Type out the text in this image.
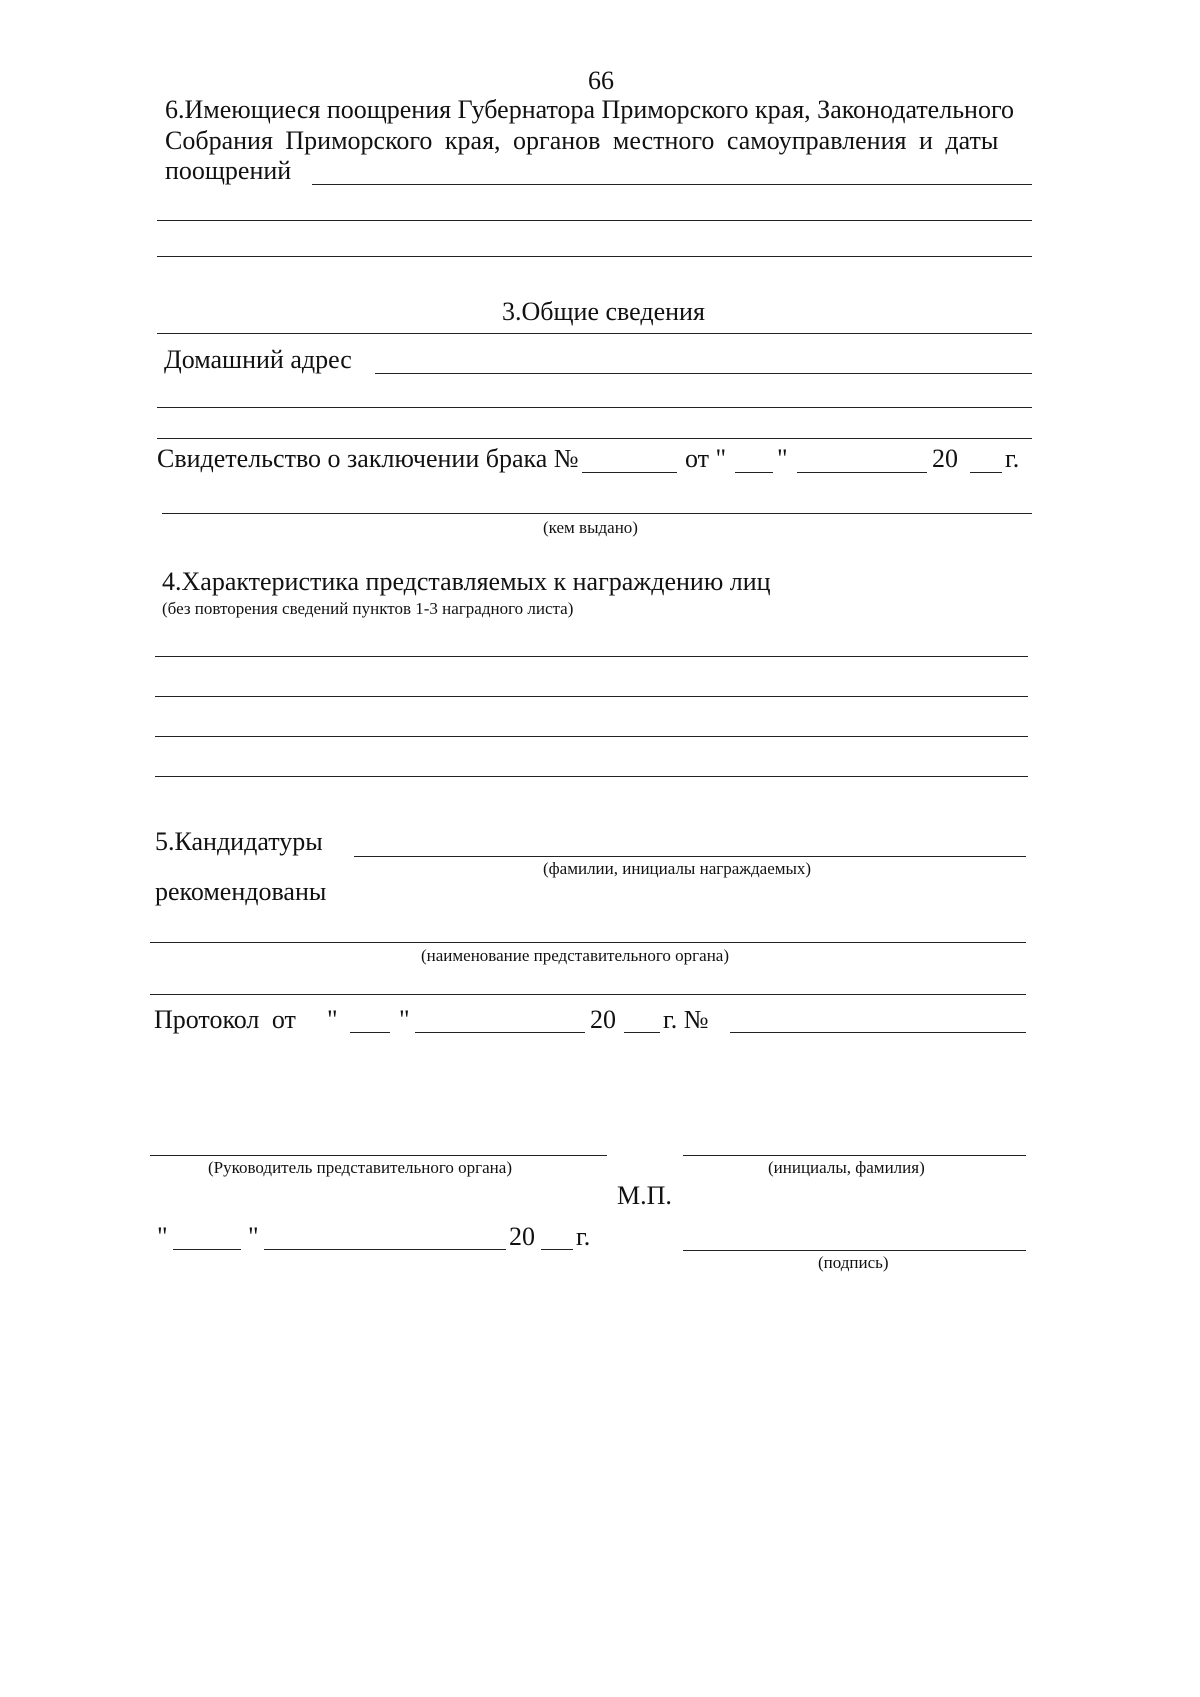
66
6.Имеющиеся поощрения Губернатора Приморского края, Законодательного
Собрания Приморского края, органов местного самоуправления и даты
поощрений
3.Общие сведения
Домашний адрес
Свидетельство о заключении брака №	от " "	20 г.
(кем выдано)
4.Характеристика представляемых к награждению лиц
(без повторения сведений пунктов 1-3 наградного листа)
5.Кандидатуры
(фамилии, инициалы награждаемых)
рекомендованы
(наименование представительного органа)
Протокол от " "	20 г. №
(Руководитель представительного органа)	(инициалы, фамилия)
М.П.
"	"	20 г.
(подпись)
